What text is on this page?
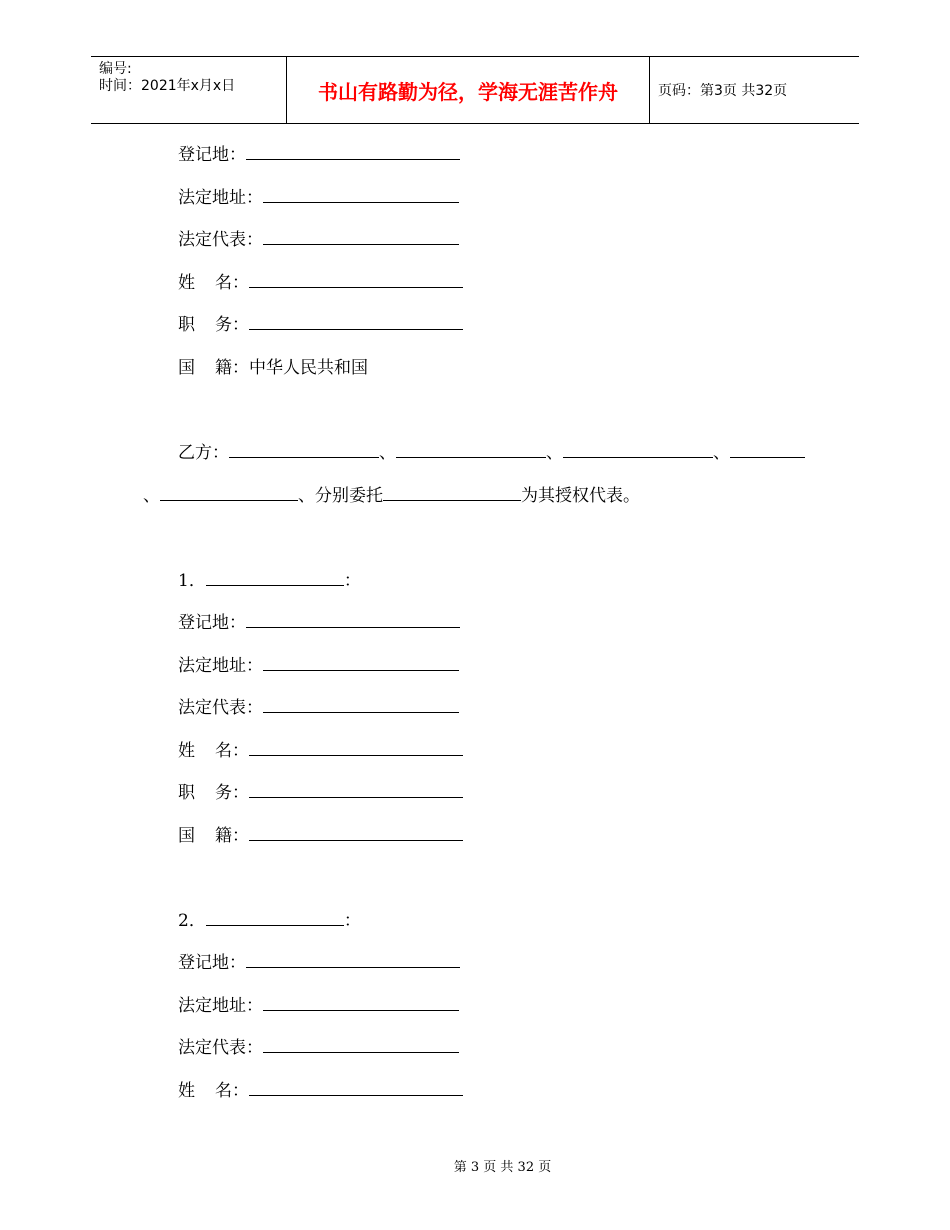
编号:
时间：2021年x月x日	书山有路勤为径，学海无涯苦作舟	页码：第3页 共32页
登记地：
法定地址：
法定代表：
姓 名：
职 务：
国 籍：中华人民共和国
乙方：	、	、	、
、	、分别委托	为其授权代表。
1．	：
登记地：
法定地址：
法定代表：
姓 名：
职 务：
国 籍：
2．	：
登记地：
法定地址：
法定代表：
姓 名：
第 3 页 共 32 页
